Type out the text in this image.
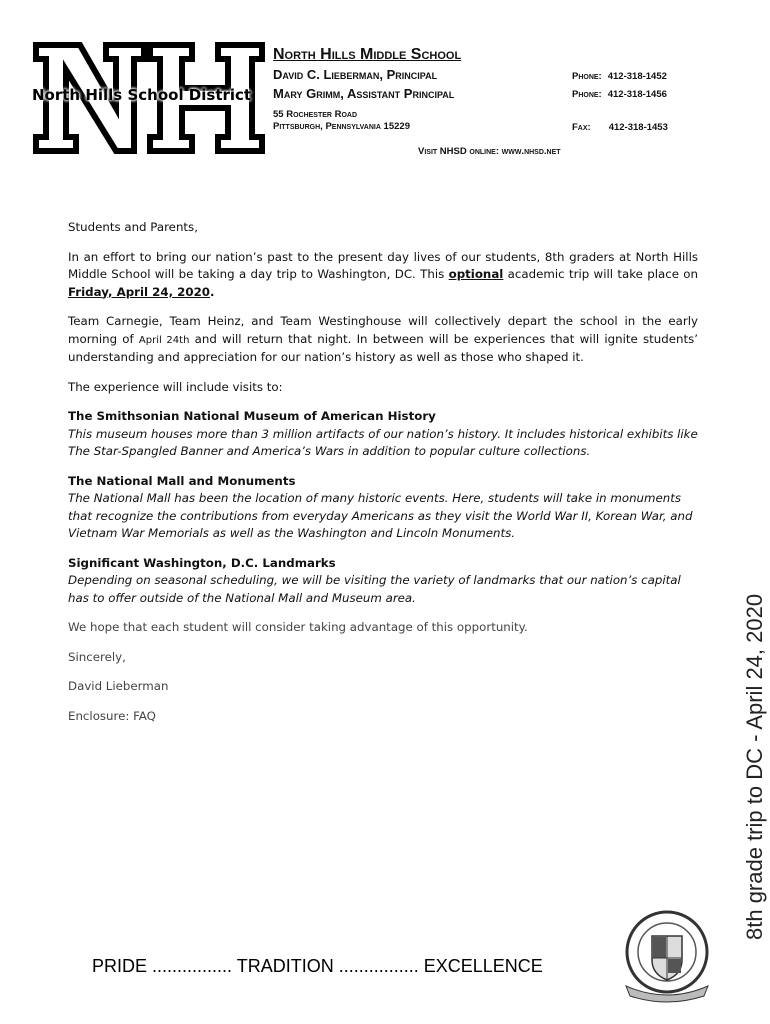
North Hills School District
North Hills Middle School
David C. Lieberman, Principal
Mary Grimm, Assistant Principal
55 Rochester Road
Pittsburgh, Pennsylvania 15229
Phone: 412-318-1452
Phone: 412-318-1456
Fax: 412-318-1453
Visit NHSD online: www.nhsd.net

Students and Parents,

In an effort to bring our nation’s past to the present day lives of our students, 8th graders at North Hills Middle School will be taking a day trip to Washington, DC. This optional academic trip will take place on Friday, April 24, 2020.

Team Carnegie, Team Heinz, and Team Westinghouse will collectively depart the school in the early morning of April 24th and will return that night. In between will be experiences that will ignite students’ understanding and appreciation for our nation’s history as well as those who shaped it.

The experience will include visits to:

The Smithsonian National Museum of American History
This museum houses more than 3 million artifacts of our nation’s history. It includes historical exhibits like The Star-Spangled Banner and America’s Wars in addition to popular culture collections.

The National Mall and Monuments
The National Mall has been the location of many historic events. Here, students will take in monuments that recognize the contributions from everyday Americans as they visit the World War II, Korean War, and Vietnam War Memorials as well as the Washington and Lincoln Monuments.

Significant Washington, D.C. Landmarks
Depending on seasonal scheduling, we will be visiting the variety of landmarks that our nation’s capital has to offer outside of the National Mall and Museum area.

We hope that each student will consider taking advantage of this opportunity.

Sincerely,

David Lieberman

Enclosure: FAQ	8th grade trip to DC - April 24, 2020
PRIDE ................ TRADITION ................ EXCELLENCE
